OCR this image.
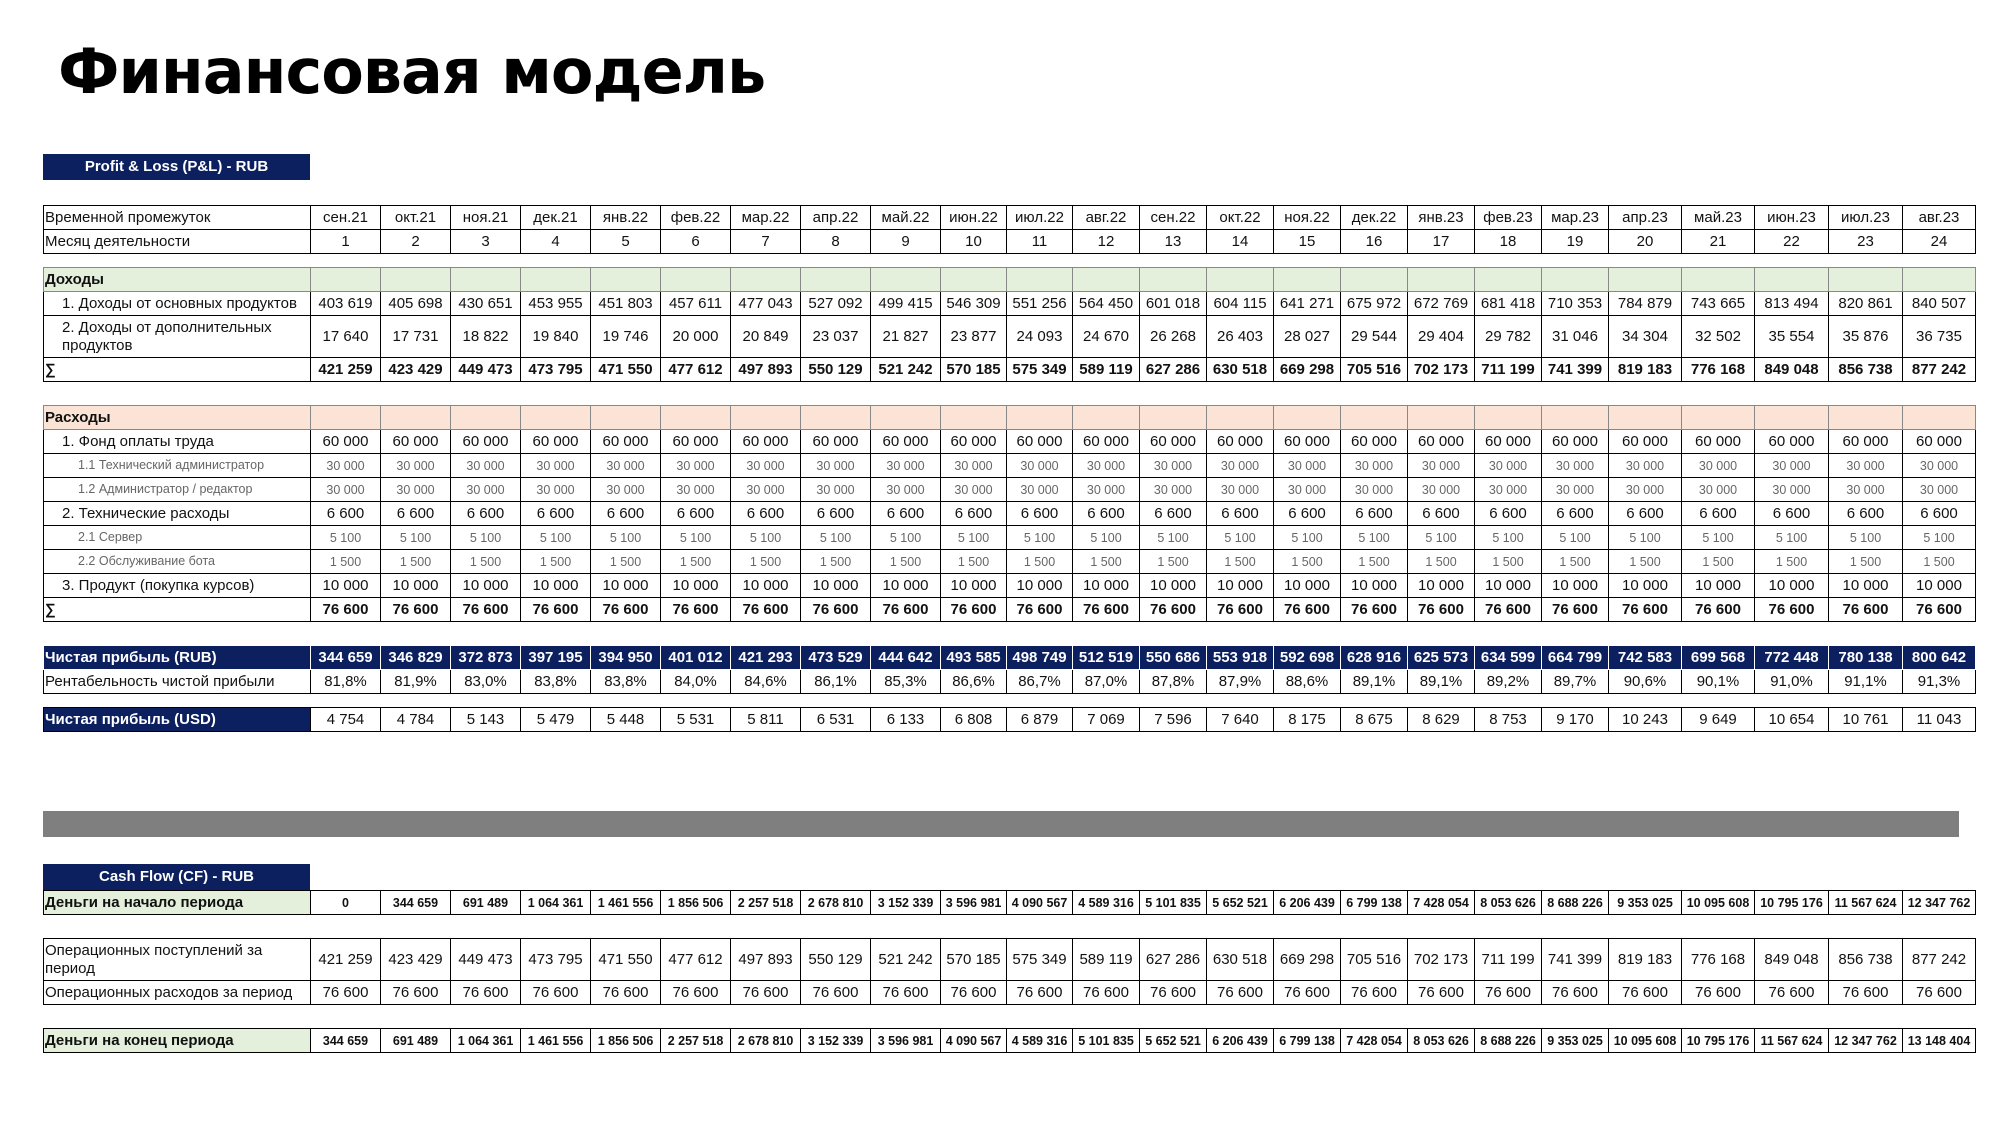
Финансовая модель
Profit & Loss (P&L) - RUB
Временной промежуток	сен.21	окт.21	ноя.21	дек.21	янв.22	фев.22	мар.22	апр.22	май.22	июн.22	июл.22	авг.22	сен.22	окт.22	ноя.22	дек.22	янв.23	фев.23	мар.23	апр.23	май.23	июн.23	июл.23	авг.23
Месяц деятельности	1	2	3	4	5	6	7	8	9	10	11	12	13	14	15	16	17	18	19	20	21	22	23	24

Доходы																								
1. Доходы от основных продуктов	403 619	405 698	430 651	453 955	451 803	457 611	477 043	527 092	499 415	546 309	551 256	564 450	601 018	604 115	641 271	675 972	672 769	681 418	710 353	784 879	743 665	813 494	820 861	840 507
2. Доходы от дополнительных продуктов	17 640	17 731	18 822	19 840	19 746	20 000	20 849	23 037	21 827	23 877	24 093	24 670	26 268	26 403	28 027	29 544	29 404	29 782	31 046	34 304	32 502	35 554	35 876	36 735
∑	421 259	423 429	449 473	473 795	471 550	477 612	497 893	550 129	521 242	570 185	575 349	589 119	627 286	630 518	669 298	705 516	702 173	711 199	741 399	819 183	776 168	849 048	856 738	877 242

Расходы																								
1. Фонд оплаты труда	60 000	60 000	60 000	60 000	60 000	60 000	60 000	60 000	60 000	60 000	60 000	60 000	60 000	60 000	60 000	60 000	60 000	60 000	60 000	60 000	60 000	60 000	60 000	60 000
1.1 Технический администратор	30 000	30 000	30 000	30 000	30 000	30 000	30 000	30 000	30 000	30 000	30 000	30 000	30 000	30 000	30 000	30 000	30 000	30 000	30 000	30 000	30 000	30 000	30 000	30 000
1.2 Администратор / редактор	30 000	30 000	30 000	30 000	30 000	30 000	30 000	30 000	30 000	30 000	30 000	30 000	30 000	30 000	30 000	30 000	30 000	30 000	30 000	30 000	30 000	30 000	30 000	30 000
2. Технические расходы	6 600	6 600	6 600	6 600	6 600	6 600	6 600	6 600	6 600	6 600	6 600	6 600	6 600	6 600	6 600	6 600	6 600	6 600	6 600	6 600	6 600	6 600	6 600	6 600
2.1 Сервер	5 100	5 100	5 100	5 100	5 100	5 100	5 100	5 100	5 100	5 100	5 100	5 100	5 100	5 100	5 100	5 100	5 100	5 100	5 100	5 100	5 100	5 100	5 100	5 100
2.2 Обслуживание бота	1 500	1 500	1 500	1 500	1 500	1 500	1 500	1 500	1 500	1 500	1 500	1 500	1 500	1 500	1 500	1 500	1 500	1 500	1 500	1 500	1 500	1 500	1 500	1 500
3. Продукт (покупка курсов)	10 000	10 000	10 000	10 000	10 000	10 000	10 000	10 000	10 000	10 000	10 000	10 000	10 000	10 000	10 000	10 000	10 000	10 000	10 000	10 000	10 000	10 000	10 000	10 000
∑	76 600	76 600	76 600	76 600	76 600	76 600	76 600	76 600	76 600	76 600	76 600	76 600	76 600	76 600	76 600	76 600	76 600	76 600	76 600	76 600	76 600	76 600	76 600	76 600

Чистая прибыль (RUB)	344 659	346 829	372 873	397 195	394 950	401 012	421 293	473 529	444 642	493 585	498 749	512 519	550 686	553 918	592 698	628 916	625 573	634 599	664 799	742 583	699 568	772 448	780 138	800 642
Рентабельность чистой прибыли	81,8%	81,9%	83,0%	83,8%	83,8%	84,0%	84,6%	86,1%	85,3%	86,6%	86,7%	87,0%	87,8%	87,9%	88,6%	89,1%	89,1%	89,2%	89,7%	90,6%	90,1%	91,0%	91,1%	91,3%

Чистая прибыль (USD)	4 754	4 784	5 143	5 479	5 448	5 531	5 811	6 531	6 133	6 808	6 879	7 069	7 596	7 640	8 175	8 675	8 629	8 753	9 170	10 243	9 649	10 654	10 761	11 043
Cash Flow (CF) - RUB
Деньги на начало периода	0	344 659	691 489	1 064 361	1 461 556	1 856 506	2 257 518	2 678 810	3 152 339	3 596 981	4 090 567	4 589 316	5 101 835	5 652 521	6 206 439	6 799 138	7 428 054	8 053 626	8 688 226	9 353 025	10 095 608	10 795 176	11 567 624	12 347 762

Операционных поступлений за период	421 259	423 429	449 473	473 795	471 550	477 612	497 893	550 129	521 242	570 185	575 349	589 119	627 286	630 518	669 298	705 516	702 173	711 199	741 399	819 183	776 168	849 048	856 738	877 242
Операционных расходов за период	76 600	76 600	76 600	76 600	76 600	76 600	76 600	76 600	76 600	76 600	76 600	76 600	76 600	76 600	76 600	76 600	76 600	76 600	76 600	76 600	76 600	76 600	76 600	76 600

Деньги на конец периода	344 659	691 489	1 064 361	1 461 556	1 856 506	2 257 518	2 678 810	3 152 339	3 596 981	4 090 567	4 589 316	5 101 835	5 652 521	6 206 439	6 799 138	7 428 054	8 053 626	8 688 226	9 353 025	10 095 608	10 795 176	11 567 624	12 347 762	13 148 404
